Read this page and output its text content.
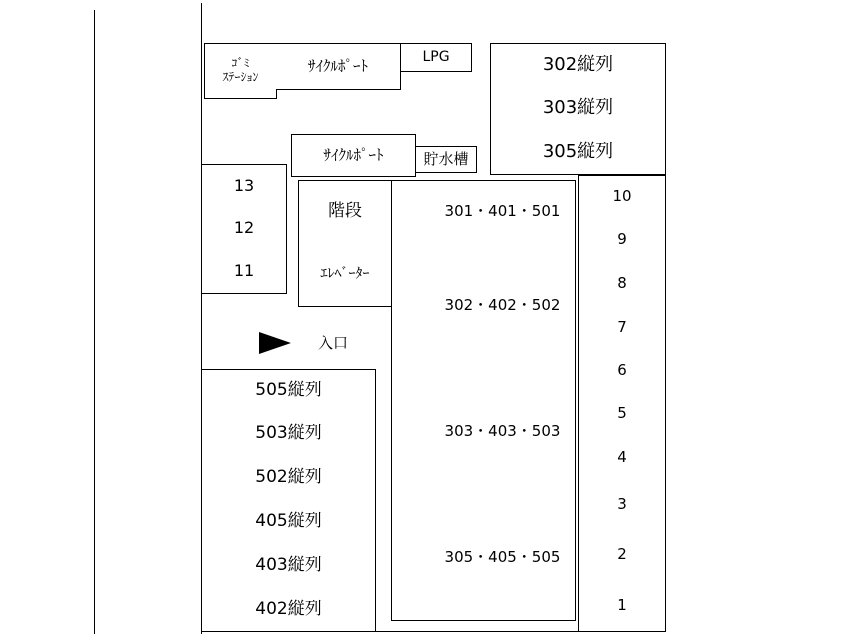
ｺﾞﾐ
ｽﾃｰｼｮﾝ
ｻｲｸﾙﾎﾟｰﾄ	LPG	302縦列
303縦列
305縦列
ｻｲｸﾙﾎﾟｰﾄ	貯水槽
13
12
11
階段
ｴﾚﾍﾞｰﾀｰ
入口
301・401・501
302・402・502
303・403・503
305・405・505
505縦列
503縦列
502縦列
405縦列
403縦列
402縦列
10
9
8
7
6
5
4
3
2
1
